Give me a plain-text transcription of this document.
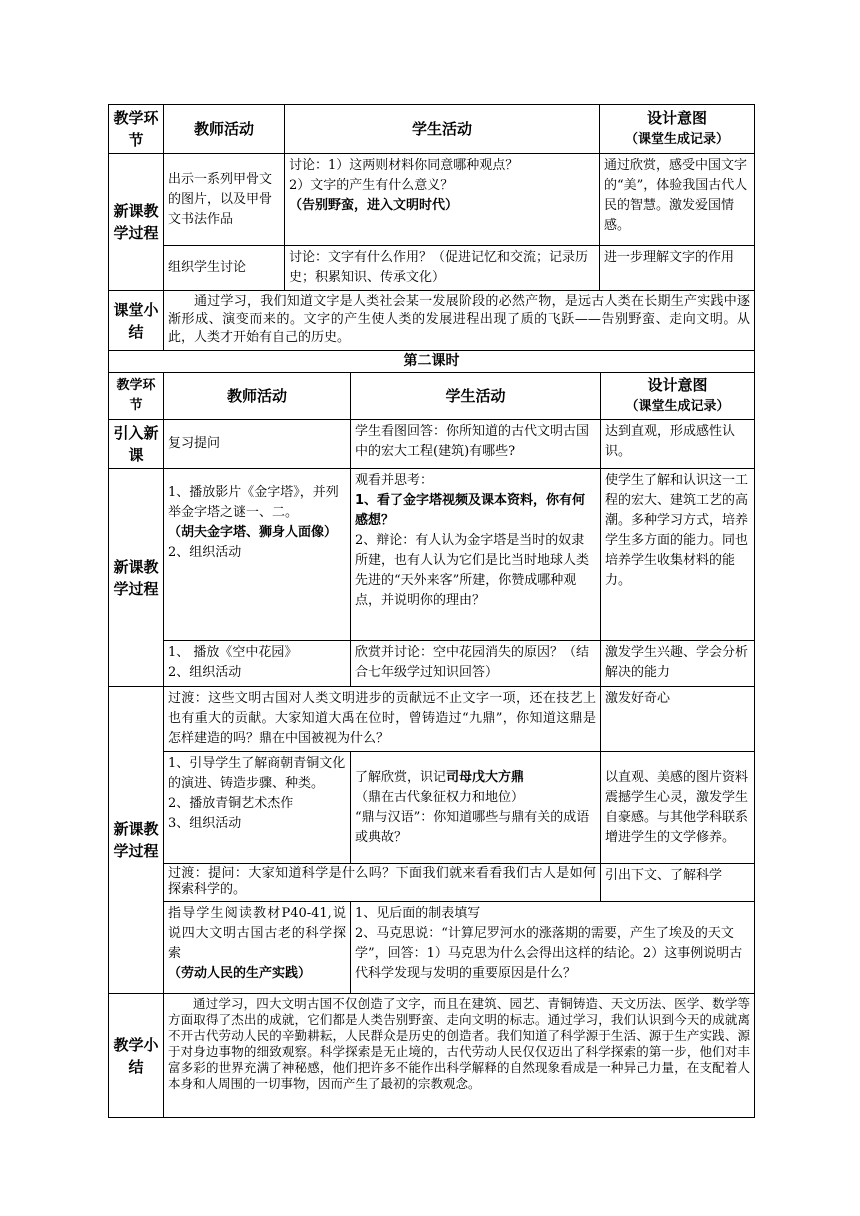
教学环节	教师活动	学生活动	设计意图
（课堂生成记录）

新课教学过程	出示一系列甲骨文的图片，以及甲骨文书法作品	讨论：1）这两则材料你同意哪种观点？
2）文字的产生有什么意义？
（告别野蛮，进入文明时代）	通过欣赏，感受中国文字的“美”，体验我国古代人民的智慧。激发爱国情感。
	组织学生讨论	讨论：文字有什么作用？（促进记忆和交流；记录历史；积累知识、传承文化）	进一步理解文字的作用
课堂小结	通过学习，我们知道文字是人类社会某一发展阶段的必然产物，是远古人类在长期生产实践中逐渐形成、演变而来的。文字的产生使人类的发展进程出现了质的飞跃——告别野蛮、走向文明。从此，人类才开始有自己的历史。		
第二课时			
教学环节	教师活动	学生活动	设计意图
（课堂生成记录）

引入新课	复习提问	学生看图回答：你所知道的古代文明古国中的宏大工程(建筑)有哪些?	达到直观，形成感性认识。
新课教学过程	1、播放影片《金字塔》，并列举金字塔之谜一、二。
（胡夫金字塔、狮身人面像）
2、组织活动	观看并思考：
1、看了金字塔视频及课本资料，你有何感想？
2、辩论：有人认为金字塔是当时的奴隶所建，也有人认为它们是比当时地球人类先进的“天外来客”所建，你赞成哪种观点，并说明你的理由？	使学生了解和认识这一工程的宏大、建筑工艺的高潮。多种学习方式，培养学生多方面的能力。同也培养学生收集材料的能力。

	1、 播放《空中花园》
2、组织活动	欣赏并讨论：空中花园消失的原因？（结合七年级学过知识回答）	激发学生兴趣、学会分析解决的能力
新课教学过程	过渡：这些文明古国对人类文明进步的贡献远不止文字一项，还在技艺上也有重大的贡献。大家知道大禹在位时，曾铸造过“九鼎”，你知道这鼎是怎样建造的吗？鼎在中国被视为什么？		激发好奇心

	1、引导学生了解商朝青铜文化的演进、铸造步骤、种类。
2、播放青铜艺术杰作
3、组织活动	了解欣赏，识记司母戊大方鼎
（鼎在古代象征权力和地位）
“鼎与汉语”：你知道哪些与鼎有关的成语或典故？	以直观、美感的图片资料震撼学生心灵，激发学生自豪感。与其他学科联系增进学生的文学修养。
	过渡：提问：大家知道科学是什么吗？下面我们就来看看我们古人是如何探索科学的。		引出下文、了解科学

	指导学生阅读教材P40-41,说说四大文明古国古老的科学探索
（劳动人民的生产实践）	1、见后面的制表填写
2、马克思说：“计算尼罗河水的涨落期的需要，产生了埃及的天文学”，回答：1）马克思为什么会得出这样的结论。2）这事例说明古代科学发现与发明的重要原因是什么？	

教学小结	通过学习，四大文明古国不仅创造了文字，而且在建筑、园艺、青铜铸造、天文历法、医学、数学等方面取得了杰出的成就，它们都是人类告别野蛮、走向文明的标志。通过学习，我们认识到今天的成就离不开古代劳动人民的辛勤耕耘，人民群众是历史的创造者。我们知道了科学源于生活、源于生产实践、源于对身边事物的细致观察。科学探索是无止境的，古代劳动人民仅仅迈出了科学探索的第一步，他们对丰富多彩的世界充满了神秘感，他们把许多不能作出科学解释的自然现象看成是一种异己力量，在支配着人本身和人周围的一切事物，因而产生了最初的宗教观念。		
